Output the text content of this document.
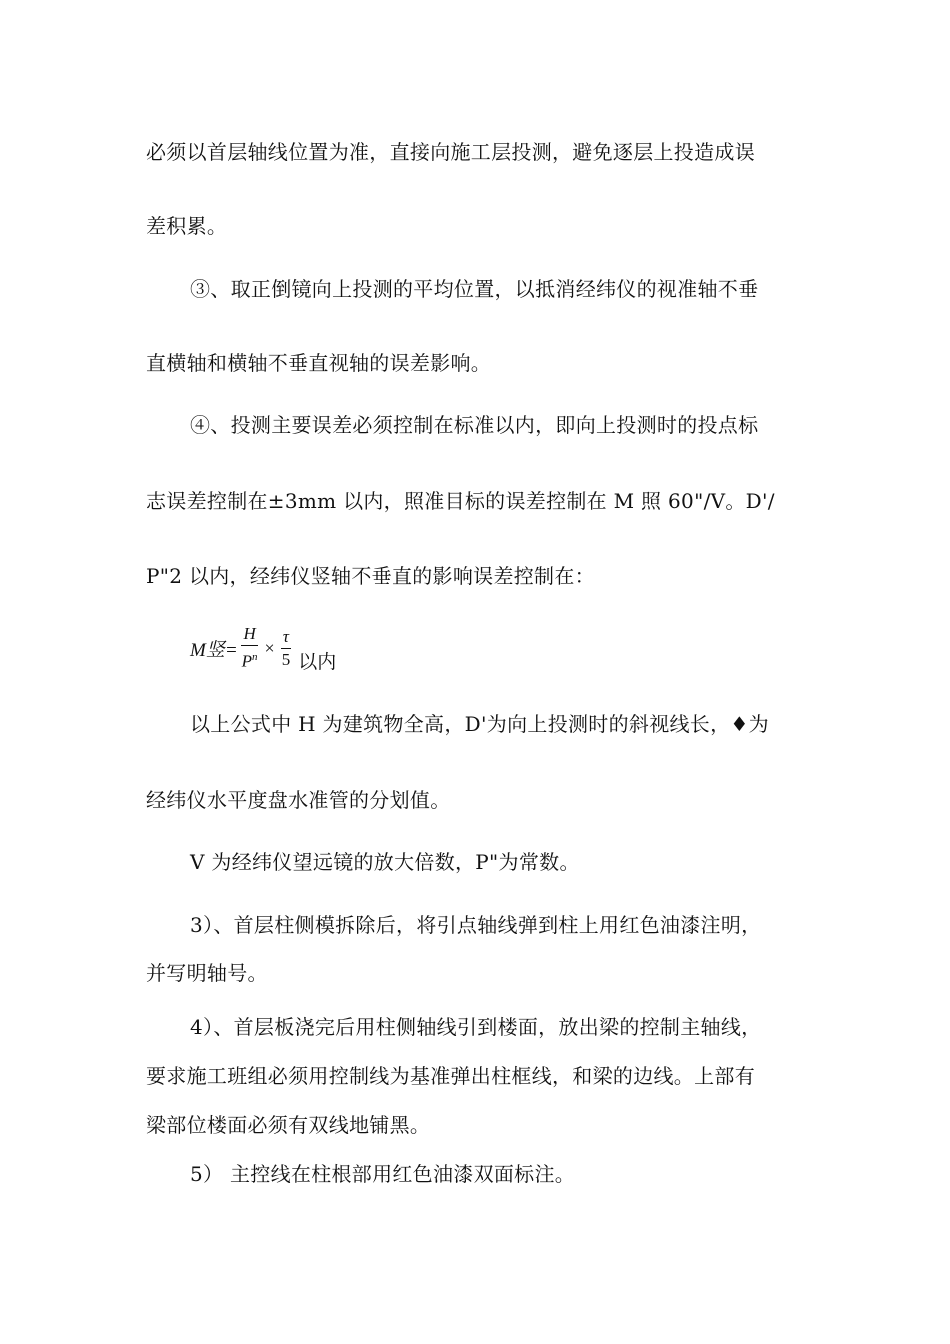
必须以首层轴线位置为准，直接向施工层投测，避免逐层上投造成误
差积累。
③、取正倒镜向上投测的平均位置，以抵消经纬仪的视准轴不垂
直横轴和横轴不垂直视轴的误差影响。
④、投测主要误差必须控制在标准以内，即向上投测时的投点标
志误差控制在±3mm 以内，照准目标的误差控制在 M 照 60"/V。D'/
P"2 以内，经纬仪竖轴不垂直的影响误差控制在：
M竖= $\frac{H}{P^n} \times \frac{\tau}{5}$ 以内
以上公式中 H 为建筑物全高，D'为向上投测时的斜视线长，♦为
经纬仪水平度盘水准管的分划值。
V 为经纬仪望远镜的放大倍数，P"为常数。
3）、首层柱侧模拆除后，将引点轴线弹到柱上用红色油漆注明，
并写明轴号。
4）、首层板浇完后用柱侧轴线引到楼面，放出梁的控制主轴线，
要求施工班组必须用控制线为基准弹出柱框线，和梁的边线。上部有
梁部位楼面必须有双线地铺黑。
5） 主控线在柱根部用红色油漆双面标注。
